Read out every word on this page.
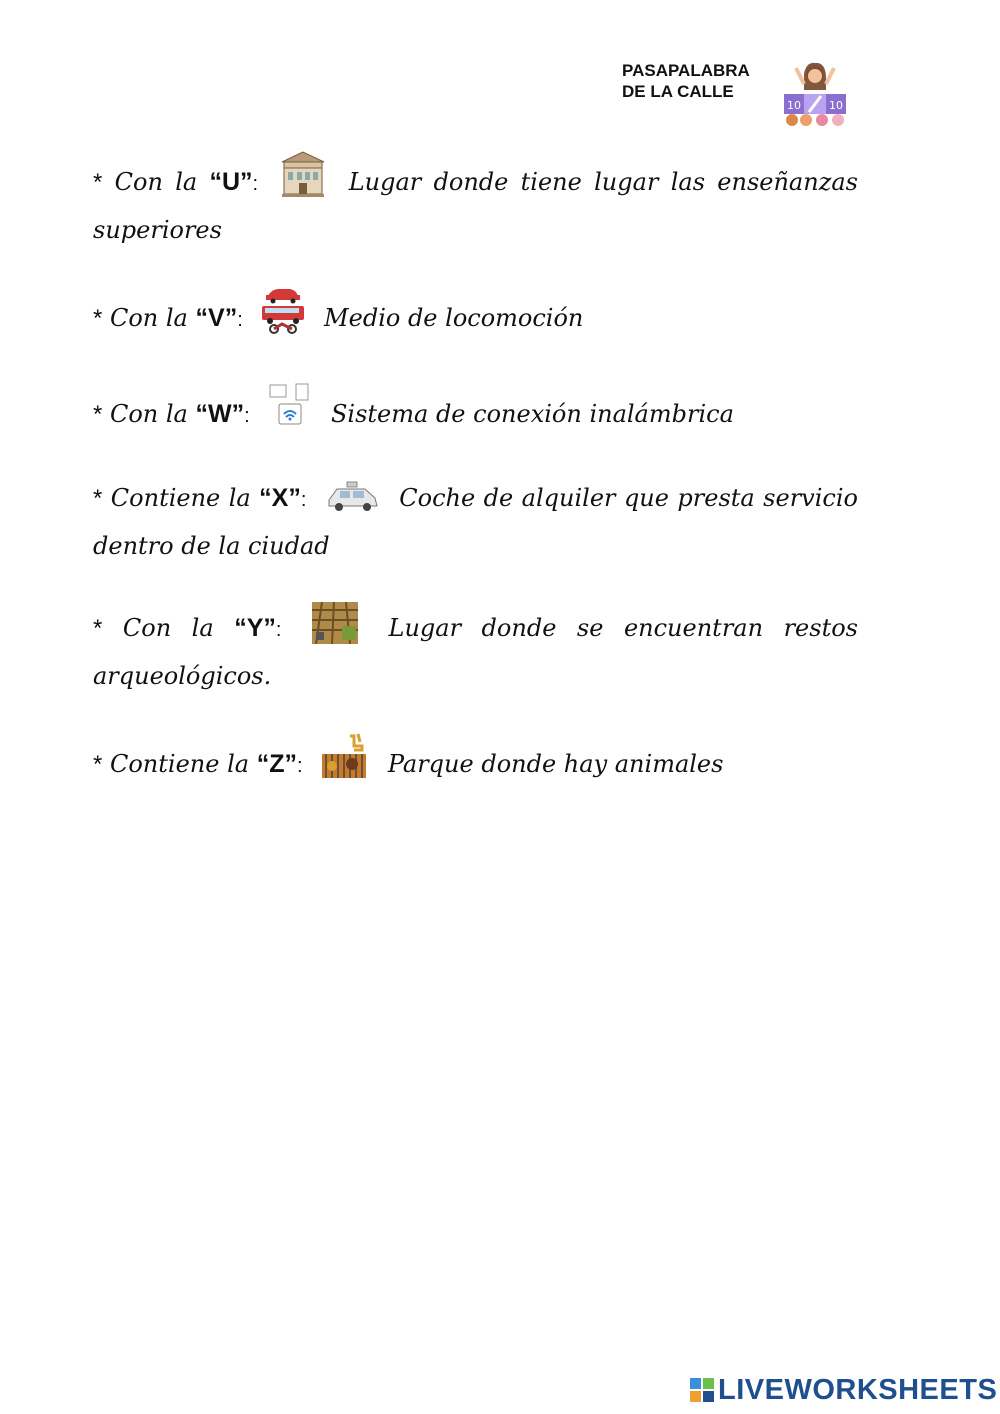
PASAPALABRA
DE LA CALLE
10	10
* Con la “U”:	Lugar donde tiene lugar las enseñanzas superiores
* Con la “V”:	Medio de locomoción
* Con la “W”:	Sistema de conexión inalámbrica
* Contiene la “X”:	Coche de alquiler que presta servicio dentro de la ciudad
* Con la “Y”:	Lugar donde se encuentran restos arqueológicos.
* Contiene la “Z”:	Parque donde hay animales
LIVEWORKSHEETS
